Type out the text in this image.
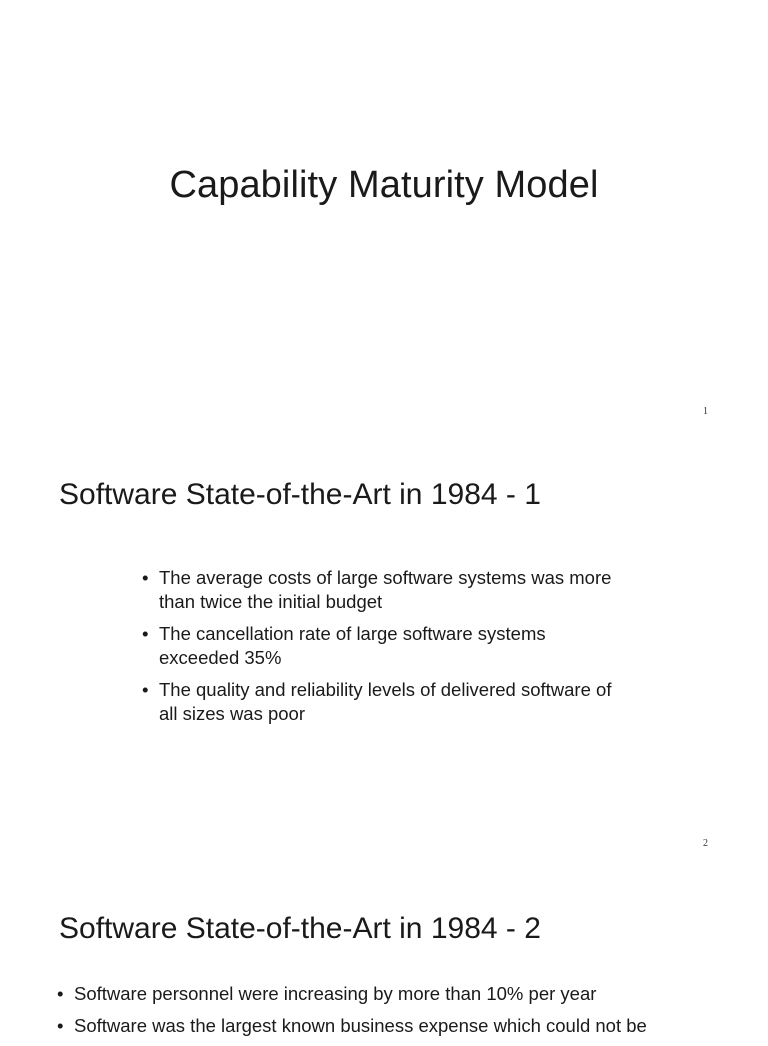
Capability Maturity Model
1
Software State-of-the-Art in 1984 - 1
• The average costs of large software systems was more than twice the initial budget
• The cancellation rate of large software systems exceeded 35%
• The quality and reliability levels of delivered software of all sizes was poor
2
Software State-of-the-Art in 1984 - 2
• Software personnel were increasing by more than 10% per year
• Software was the largest known business expense which could not be
